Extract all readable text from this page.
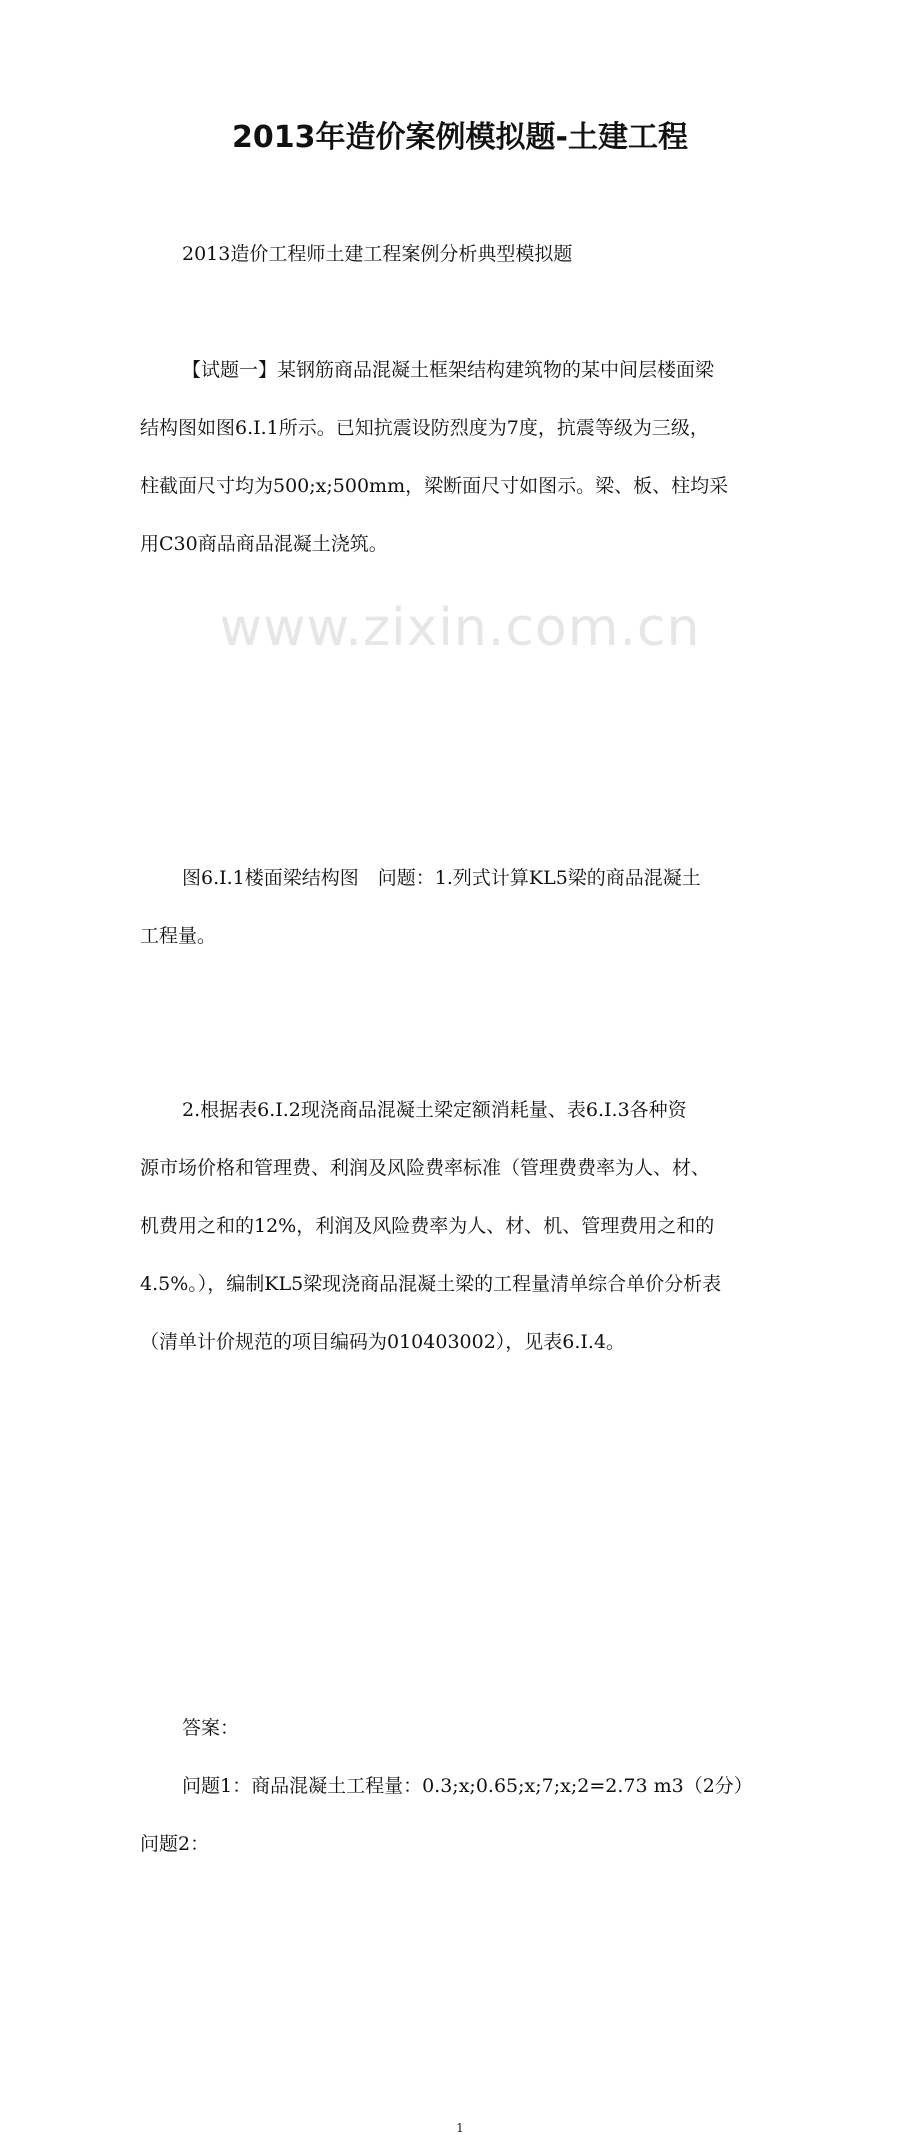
www.zixin.com.cn
2013年造价案例模拟题-土建工程
2013造价工程师土建工程案例分析典型模拟题
【试题一】某钢筋商品混凝土框架结构建筑物的某中间层楼面梁
结构图如图6.Ⅰ.1所示。已知抗震设防烈度为7度，抗震等级为三级，
柱截面尺寸均为500;x;500mm，梁断面尺寸如图示。梁、板、柱均采
用C30商品商品混凝土浇筑。
图6.Ⅰ.1楼面梁结构图　问题：1.列式计算KL5梁的商品混凝土
工程量。
2.根据表6.Ⅰ.2现浇商品混凝土梁定额消耗量、表6.Ⅰ.3各种资
源市场价格和管理费、利润及风险费率标准（管理费费率为人、材、
机费用之和的12%，利润及风险费率为人、材、机、管理费用之和的
4.5%。），编制KL5梁现浇商品混凝土梁的工程量清单综合单价分析表
（清单计价规范的项目编码为010403002），见表6.Ⅰ.4。
答案：
问题1：商品混凝土工程量：0.3;x;0.65;x;7;x;2=2.73 m3（2分）
问题2：
1
